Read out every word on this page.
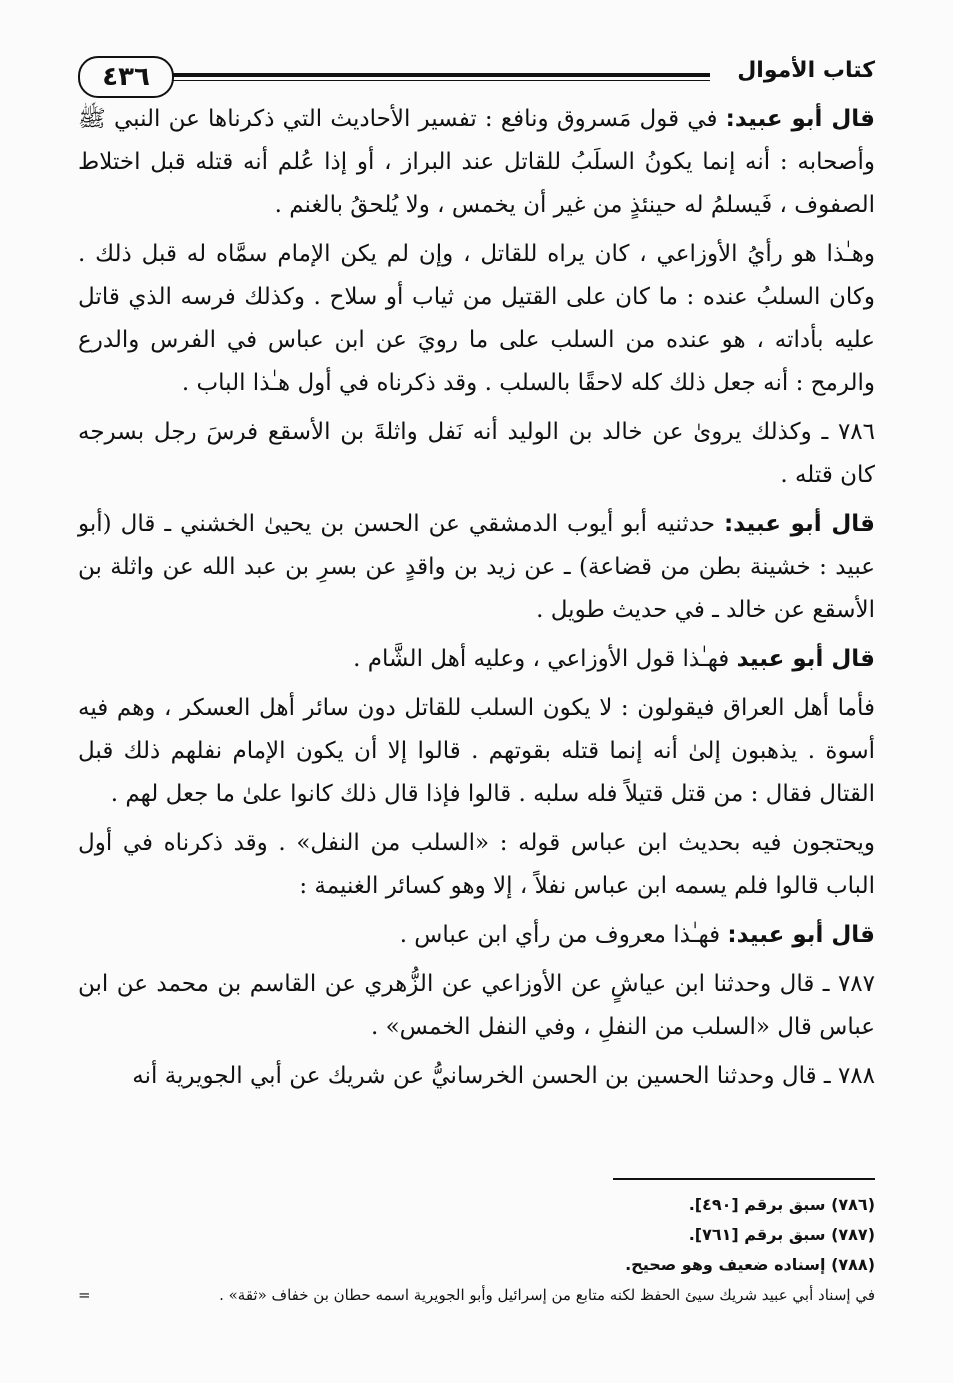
كتاب الأموال
٤٣٦

قال أبو عبيد: في قول مَسروق ونافع : تفسير الأحاديث التي ذكرناها عن النبي ﷺ وأصحابه : أنه إنما يكونُ السلَبُ للقاتل عند البراز ، أو إذا عُلم أنه قتله قبل اختلاط الصفوف ، فَيسلمُ له حينئذٍ من غير أن يخمس ، ولا يُلحقُ بالغنم .

وهـٰذا هو رأيُ الأوزاعي ، كان يراه للقاتل ، وإن لم يكن الإمام سمَّاه له قبل ذلك . وكان السلبُ عنده : ما كان على القتيل من ثياب أو سلاح . وكذلك فرسه الذي قاتل عليه بأداته ، هو عنده من السلب على ما رويَ عن ابن عباس في الفرس والدرع والرمح : أنه جعل ذلك كله لاحقًا بالسلب . وقد ذكرناه في أول هـٰذا الباب .

٧٨٦ ـ وكذلك يروىٰ عن خالد بن الوليد أنه نَفل واثلةَ بن الأسقع فرسَ رجل بسرجه كان قتله .

قال أبو عبيد: حدثنيه أبو أيوب الدمشقي عن الحسن بن يحيىٰ الخشني ـ قال (أبو عبيد : خشينة بطن من قضاعة) ـ عن زيد بن واقدٍ عن بسرِ بن عبد الله عن واثلة بن الأسقع عن خالد ـ في حديث طويل .

قال أبو عبيد فهـٰذا قول الأوزاعي ، وعليه أهل الشَّام .

فأما أهل العراق فيقولون : لا يكون السلب للقاتل دون سائر أهل العسكر ، وهم فيه أسوة . يذهبون إلىٰ أنه إنما قتله بقوتهم . قالوا إلا أن يكون الإمام نفلهم ذلك قبل القتال فقال : من قتل قتيلاً فله سلبه . قالوا فإذا قال ذلك كانوا علىٰ ما جعل لهم .

ويحتجون فيه بحديث ابن عباس قوله : «السلب من النفل» . وقد ذكرناه في أول الباب قالوا فلم يسمه ابن عباس نفلاً ، إلا وهو كسائر الغنيمة :

قال أبو عبيد: فهـٰذا معروف من رأي ابن عباس .

٧٨٧ ـ قال وحدثنا ابن عياشٍ عن الأوزاعي عن الزُّهري عن القاسم بن محمد عن ابن عباس قال «السلب من النفلِ ، وفي النفل الخمس» .

٧٨٨ ـ قال وحدثنا الحسين بن الحسن الخرسانيُّ عن شريك عن أبي الجويرية أنه

(٧٨٦) سبق برقم [٤٩٠].

(٧٨٧) سبق برقم [٧٦١].

(٧٨٨) إسناده ضعيف وهو صحيح.

في إسناد أبي عبيد شريك سيئ الحفظ لكنه متابع من إسرائيل وأبو الجويرية اسمه حطان بن خفاف «ثقة» .
=
